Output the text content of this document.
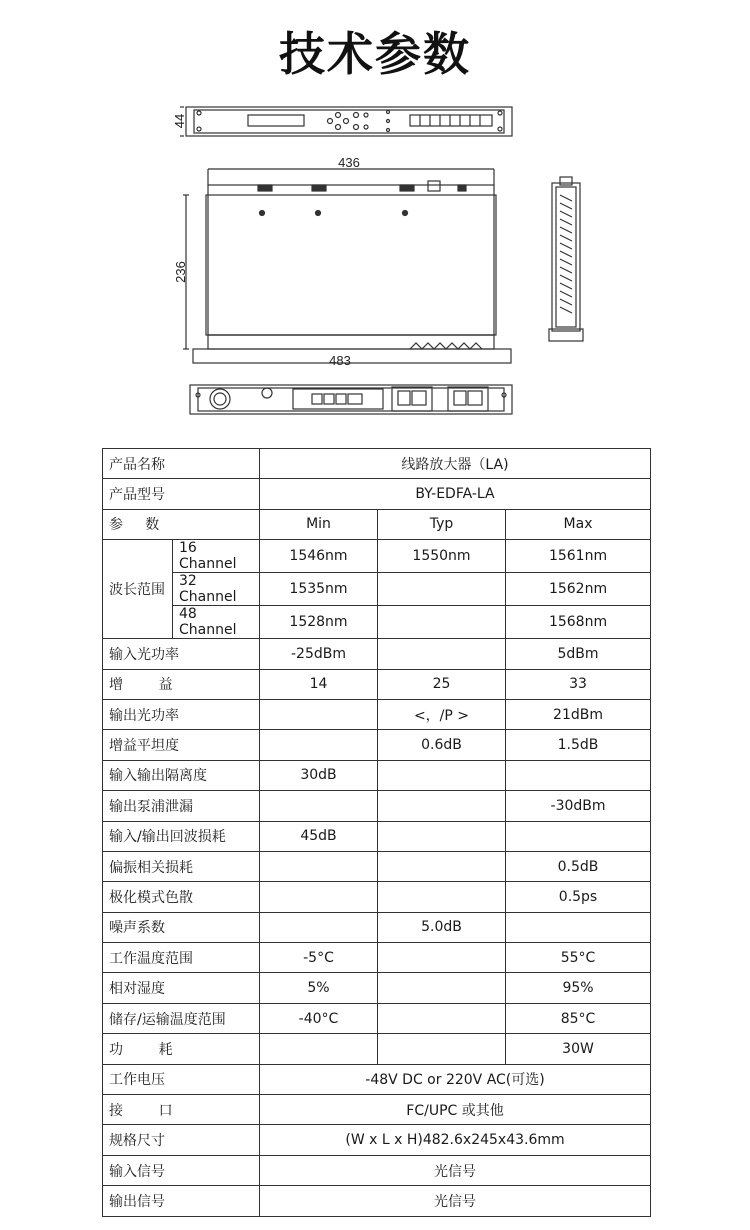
技术参数
44
436
236
483
产品名称		线路放大器（LA)		
产品型号		BY-EDFA-LA		
参     数		Min	Typ	Max
波长范围	16 Channel	1546nm	1550nm	1561nm
	32 Channel	1535nm		1562nm
	48 Channel	1528nm		1568nm
输入光功率		-25dBm		5dBm
增        益		14	25	33
输出光功率			<，/P >	21dBm
增益平坦度			0.6dB	1.5dB
输入输出隔离度		30dB		
输出泵浦泄漏				-30dBm
输入/输出回波损耗		45dB		
偏振相关损耗				0.5dB
极化模式色散				0.5ps
噪声系数			5.0dB	
工作温度范围		-5°C		55°C
相对湿度		5%		95%
储存/运输温度范围		-40°C		85°C
功        耗				30W
工作电压		-48V DC or 220V AC(可选)		
接        口		FC/UPC 或其他		
规格尺寸		(W x L x H)482.6x245x43.6mm		
输入信号		光信号		
输出信号		光信号		
